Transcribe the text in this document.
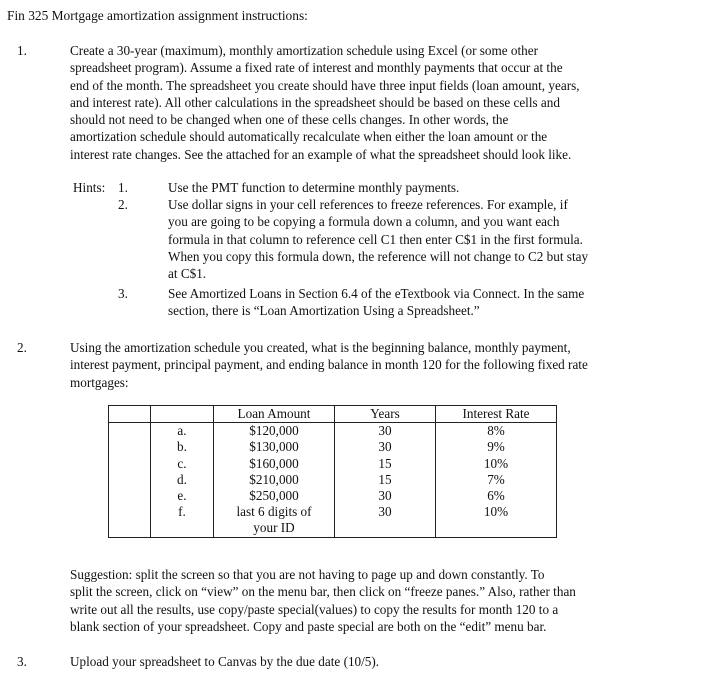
Fin 325 Mortgage amortization assignment instructions:
1.	Create a 30-year (maximum), monthly amortization schedule using Excel (or some other
spreadsheet program). Assume a fixed rate of interest and monthly payments that occur at the
end of the month. The spreadsheet you create should have three input fields (loan amount, years,
and interest rate). All other calculations in the spreadsheet should be based on these cells and
should not need to be changed when one of these cells changes. In other words, the
amortization schedule should automatically recalculate when either the loan amount or the
interest rate changes. See the attached for an example of what the spreadsheet should look like.
Hints: 1.	Use the PMT function to determine monthly payments.
2.	Use dollar signs in your cell references to freeze references. For example, if
you are going to be copying a formula down a column, and you want each
formula in that column to reference cell C1 then enter C$1 in the first formula.
When you copy this formula down, the reference will not change to C2 but stay
at C$1.
3.	See Amortized Loans in Section 6.4 of the eTextbook via Connect. In the same
section, there is “Loan Amortization Using a Spreadsheet.”
2.	Using the amortization schedule you created, what is the beginning balance, monthly payment,
interest payment, principal payment, and ending balance in month 120 for the following fixed rate
mortgages:
		Loan Amount	Years	Interest Rate
	a.	$120,000	30	8%
	b.	$130,000	30	9%
	c.	$160,000	15	10%
	d.	$210,000	15	7%
	e.	$250,000	30	6%
	f.	last 6 digits of	30	10%
		your ID		
Suggestion: split the screen so that you are not having to page up and down constantly. To
split the screen, click on “view” on the menu bar, then click on “freeze panes.” Also, rather than
write out all the results, use copy/paste special(values) to copy the results for month 120 to a
blank section of your spreadsheet. Copy and paste special are both on the “edit” menu bar.
3.	Upload your spreadsheet to Canvas by the due date (10/5).
